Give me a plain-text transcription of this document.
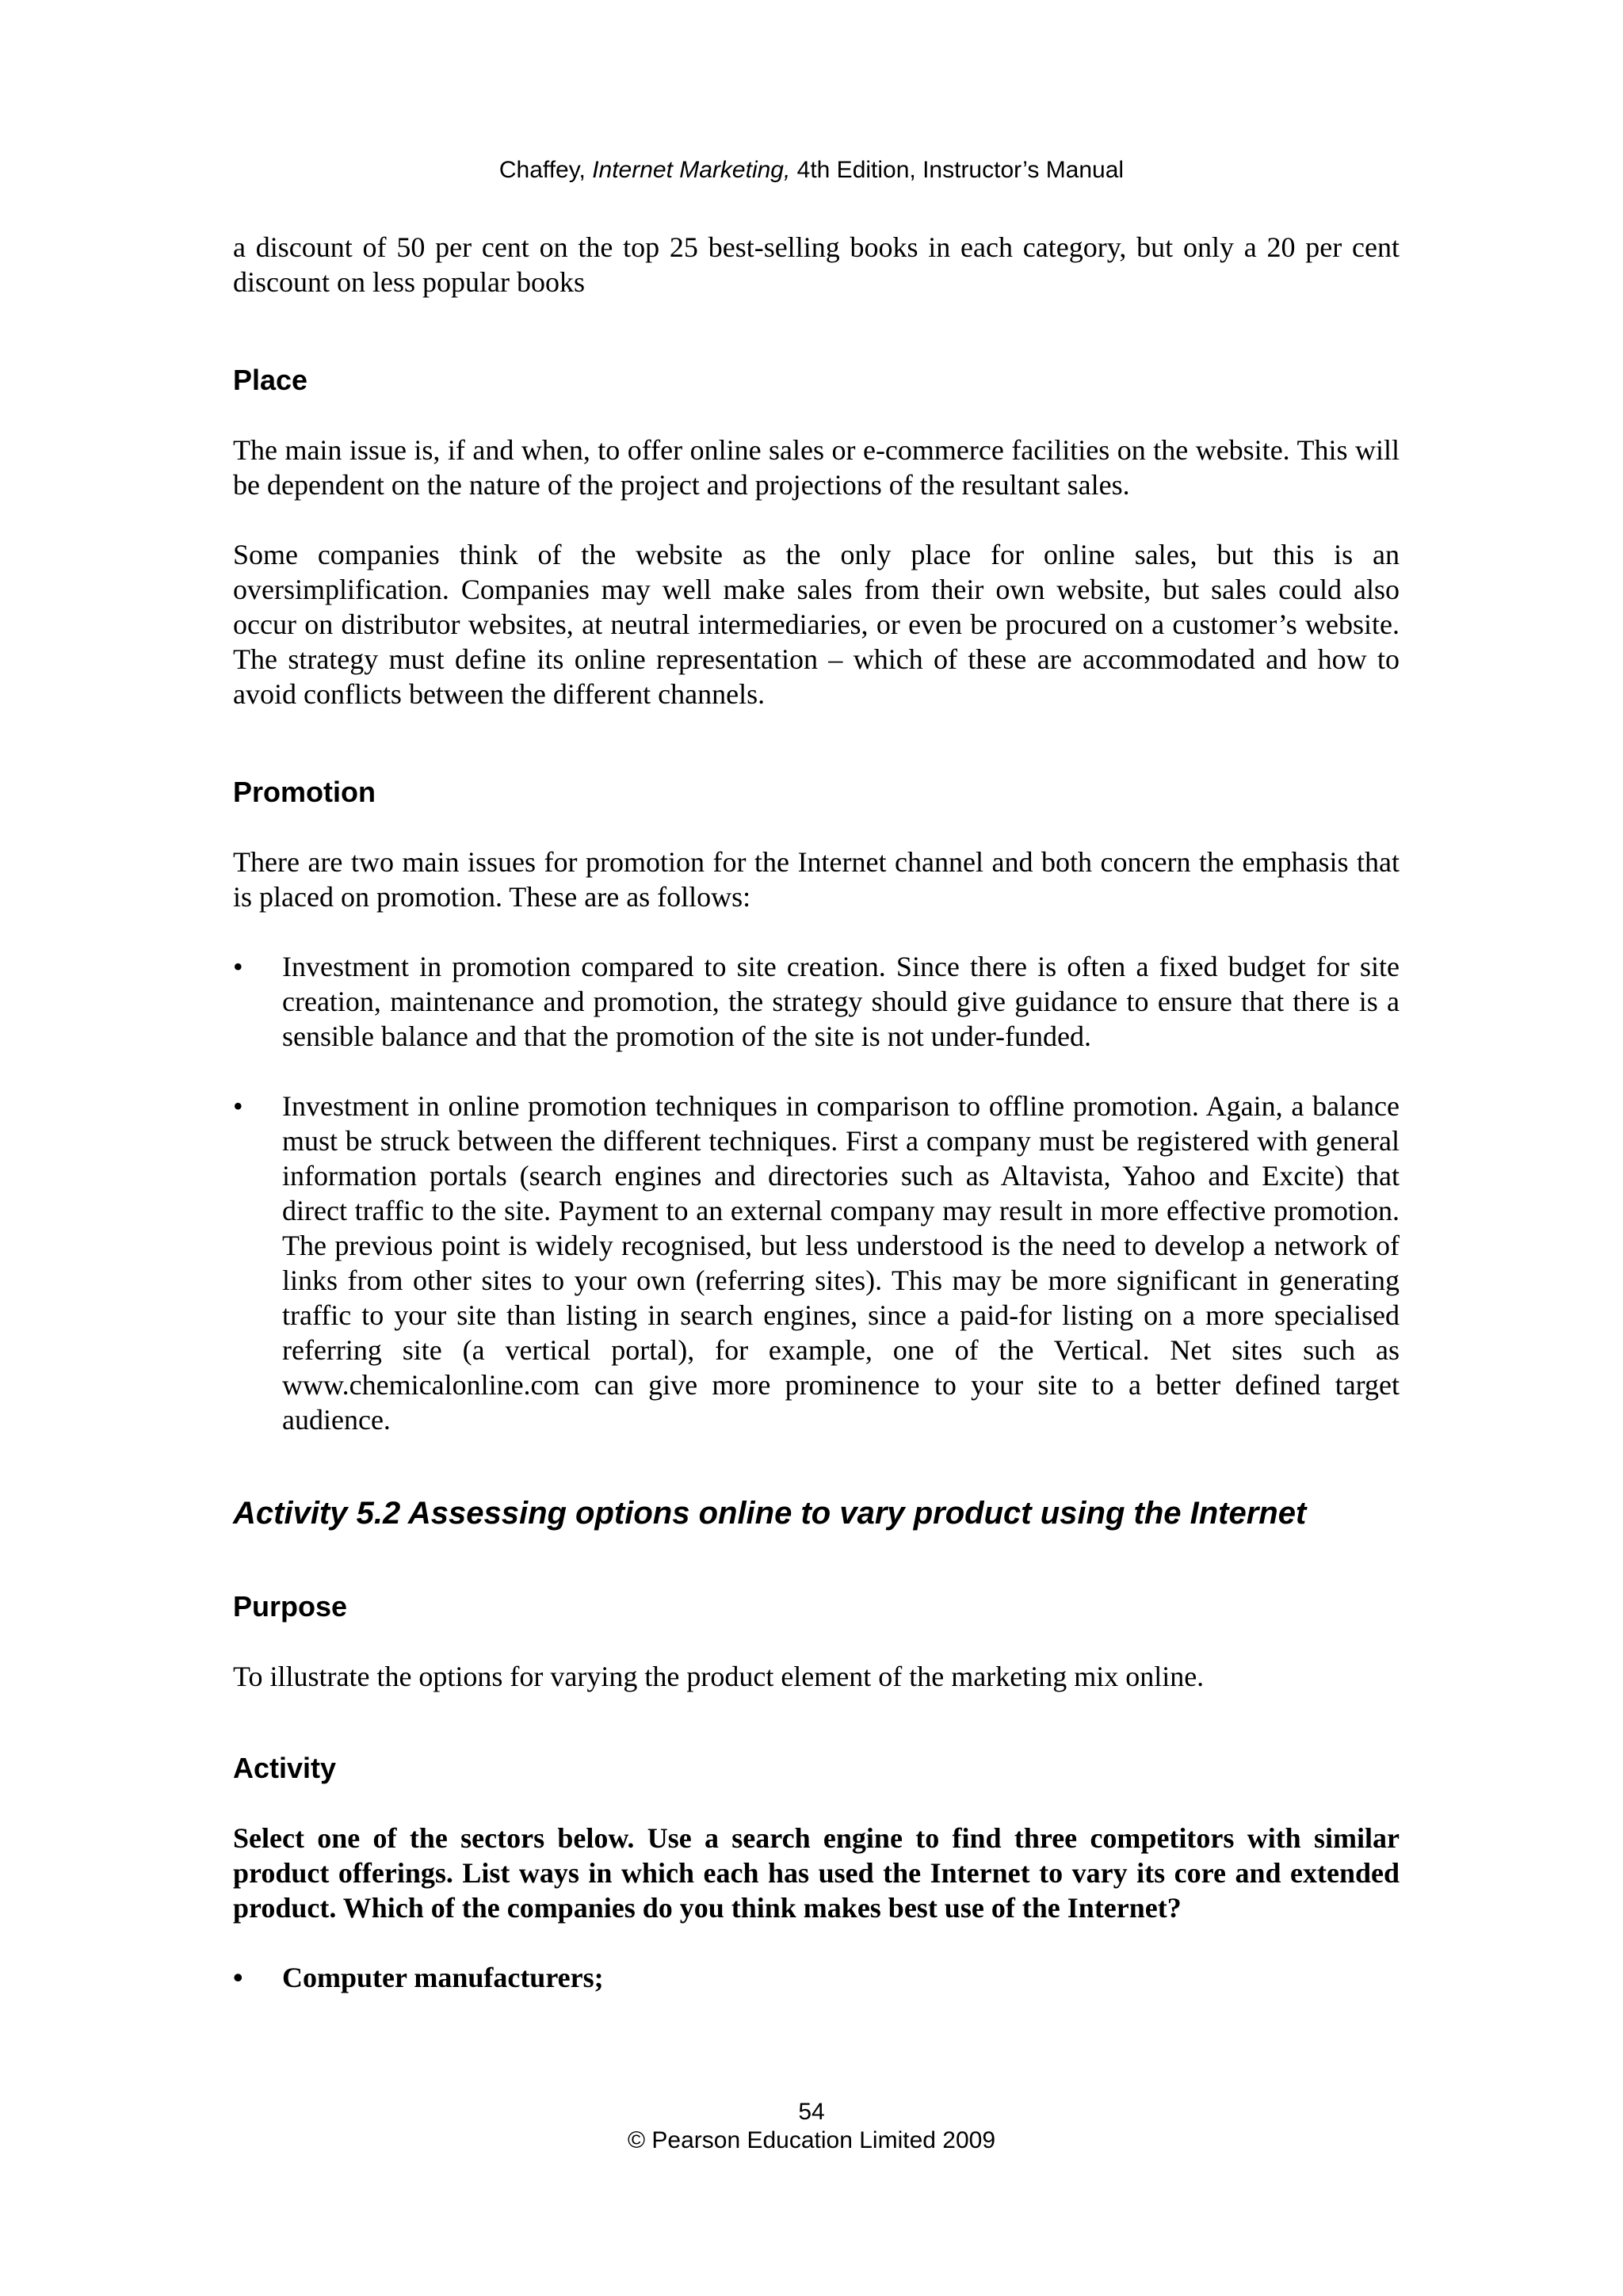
Chaffey, Internet Marketing, 4th Edition, Instructor’s Manual

a discount of 50 per cent on the top 25 best-selling books in each category, but only a 20 per cent discount on less popular books

Place

The main issue is, if and when, to offer online sales or e-commerce facilities on the website. This will be dependent on the nature of the project and projections of the resultant sales.

Some companies think of the website as the only place for online sales, but this is an oversimplification. Companies may well make sales from their own website, but sales could also occur on distributor websites, at neutral intermediaries, or even be procured on a customer’s website. The strategy must define its online representation – which of these are accommodated and how to avoid conflicts between the different channels.

Promotion

There are two main issues for promotion for the Internet channel and both concern the emphasis that is placed on promotion. These are as follows:

•	Investment in promotion compared to site creation. Since there is often a fixed budget for site creation, maintenance and promotion, the strategy should give guidance to ensure that there is a sensible balance and that the promotion of the site is not under-funded.
•	Investment in online promotion techniques in comparison to offline promotion. Again, a balance must be struck between the different techniques. First a company must be registered with general information portals (search engines and directories such as Altavista, Yahoo and Excite) that direct traffic to the site. Payment to an external company may result in more effective promotion. The previous point is widely recognised, but less understood is the need to develop a network of links from other sites to your own (referring sites). This may be more significant in generating traffic to your site than listing in search engines, since a paid-for listing on a more specialised referring site (a vertical portal), for example, one of the Vertical. Net sites such as www.chemicalonline.com can give more prominence to your site to a better defined target audience.
Activity 5.2 Assessing options online to vary product using the Internet
Purpose

To illustrate the options for varying the product element of the marketing mix online.

Activity

Select one of the sectors below. Use a search engine to find three competitors with similar product offerings. List ways in which each has used the Internet to vary its core and extended product. Which of the companies do you think makes best use of the Internet?

•	Computer manufacturers;
54
© Pearson Education Limited 2009
